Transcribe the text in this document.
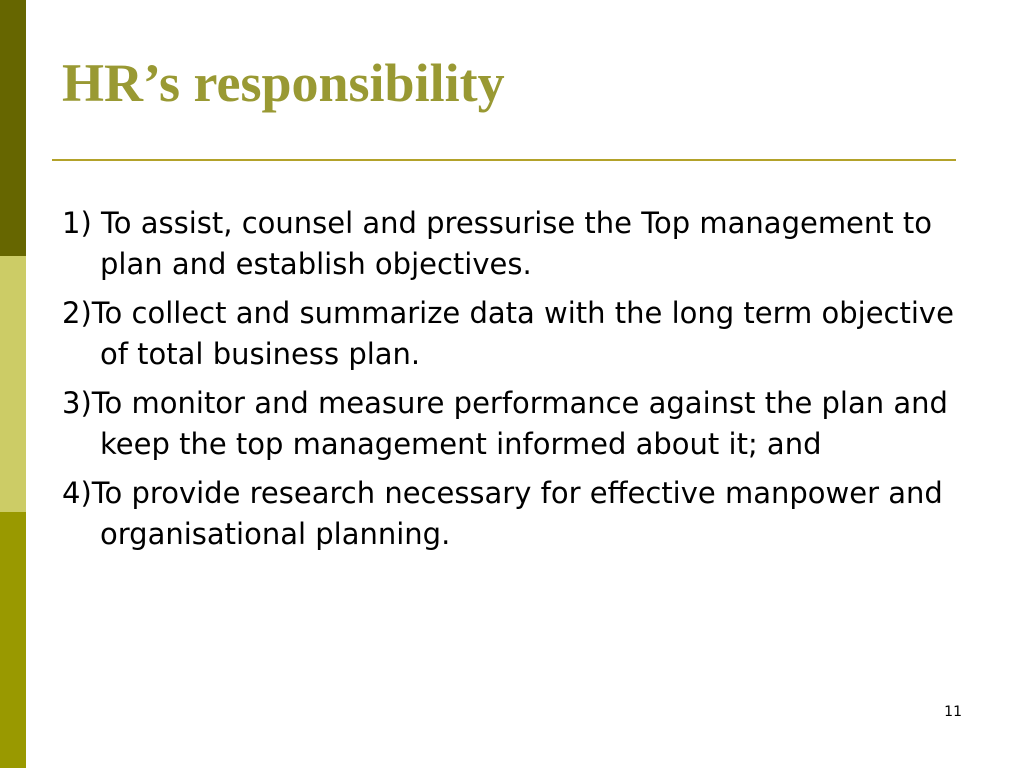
HR’s responsibility
1) To assist, counsel and pressurise the Top management to plan and establish objectives.
2)To collect and summarize data with the long term objective of total business plan.
3)To monitor and measure performance against the plan and keep the top management informed about it; and
4)To provide research necessary for effective manpower and organisational planning.
11
